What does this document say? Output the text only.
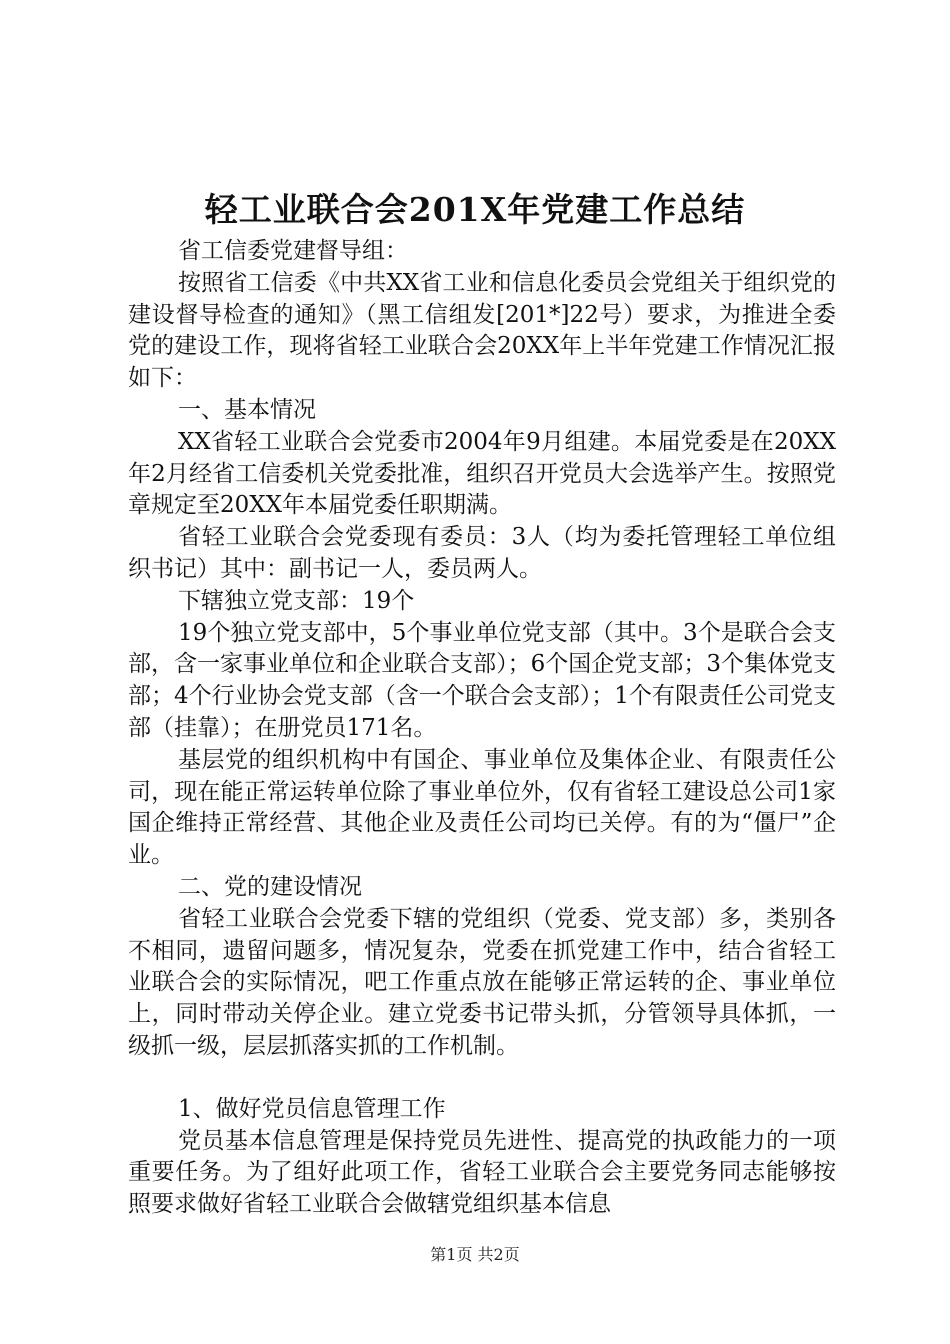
轻工业联合会201X年党建工作总结

省工信委党建督导组：

按照省工信委《中共XX省工业和信息化委员会党组关于组织党的建设督导检查的通知》（黑工信组发[201*]22号）要求，为推进全委党的建设工作，现将省轻工业联合会20XX年上半年党建工作情况汇报如下：

一、基本情况

XX省轻工业联合会党委市2004年9月组建。本届党委是在20XX年2月经省工信委机关党委批准，组织召开党员大会选举产生。按照党章规定至20XX年本届党委任职期满。

省轻工业联合会党委现有委员：3人（均为委托管理轻工单位组织书记）其中：副书记一人，委员两人。

下辖独立党支部：19个

19个独立党支部中，5个事业单位党支部（其中。3个是联合会支部，含一家事业单位和企业联合支部）；6个国企党支部；3个集体党支部；4个行业协会党支部（含一个联合会支部）；1个有限责任公司党支部（挂靠）；在册党员171名。

基层党的组织机构中有国企、事业单位及集体企业、有限责任公司，现在能正常运转单位除了事业单位外，仅有省轻工建设总公司1家国企维持正常经营、其他企业及责任公司均已关停。有的为“僵尸”企业。

二、党的建设情况

省轻工业联合会党委下辖的党组织（党委、党支部）多，类别各不相同，遗留问题多，情况复杂，党委在抓党建工作中，结合省轻工业联合会的实际情况，吧工作重点放在能够正常运转的企、事业单位上，同时带动关停企业。建立党委书记带头抓，分管领导具体抓，一级抓一级，层层抓落实抓的工作机制。

1、做好党员信息管理工作

党员基本信息管理是保持党员先进性、提高党的执政能力的一项重要任务。为了组好此项工作，省轻工业联合会主要党务同志能够按照要求做好省轻工业联合会做辖党组织基本信息

第1页 共2页
